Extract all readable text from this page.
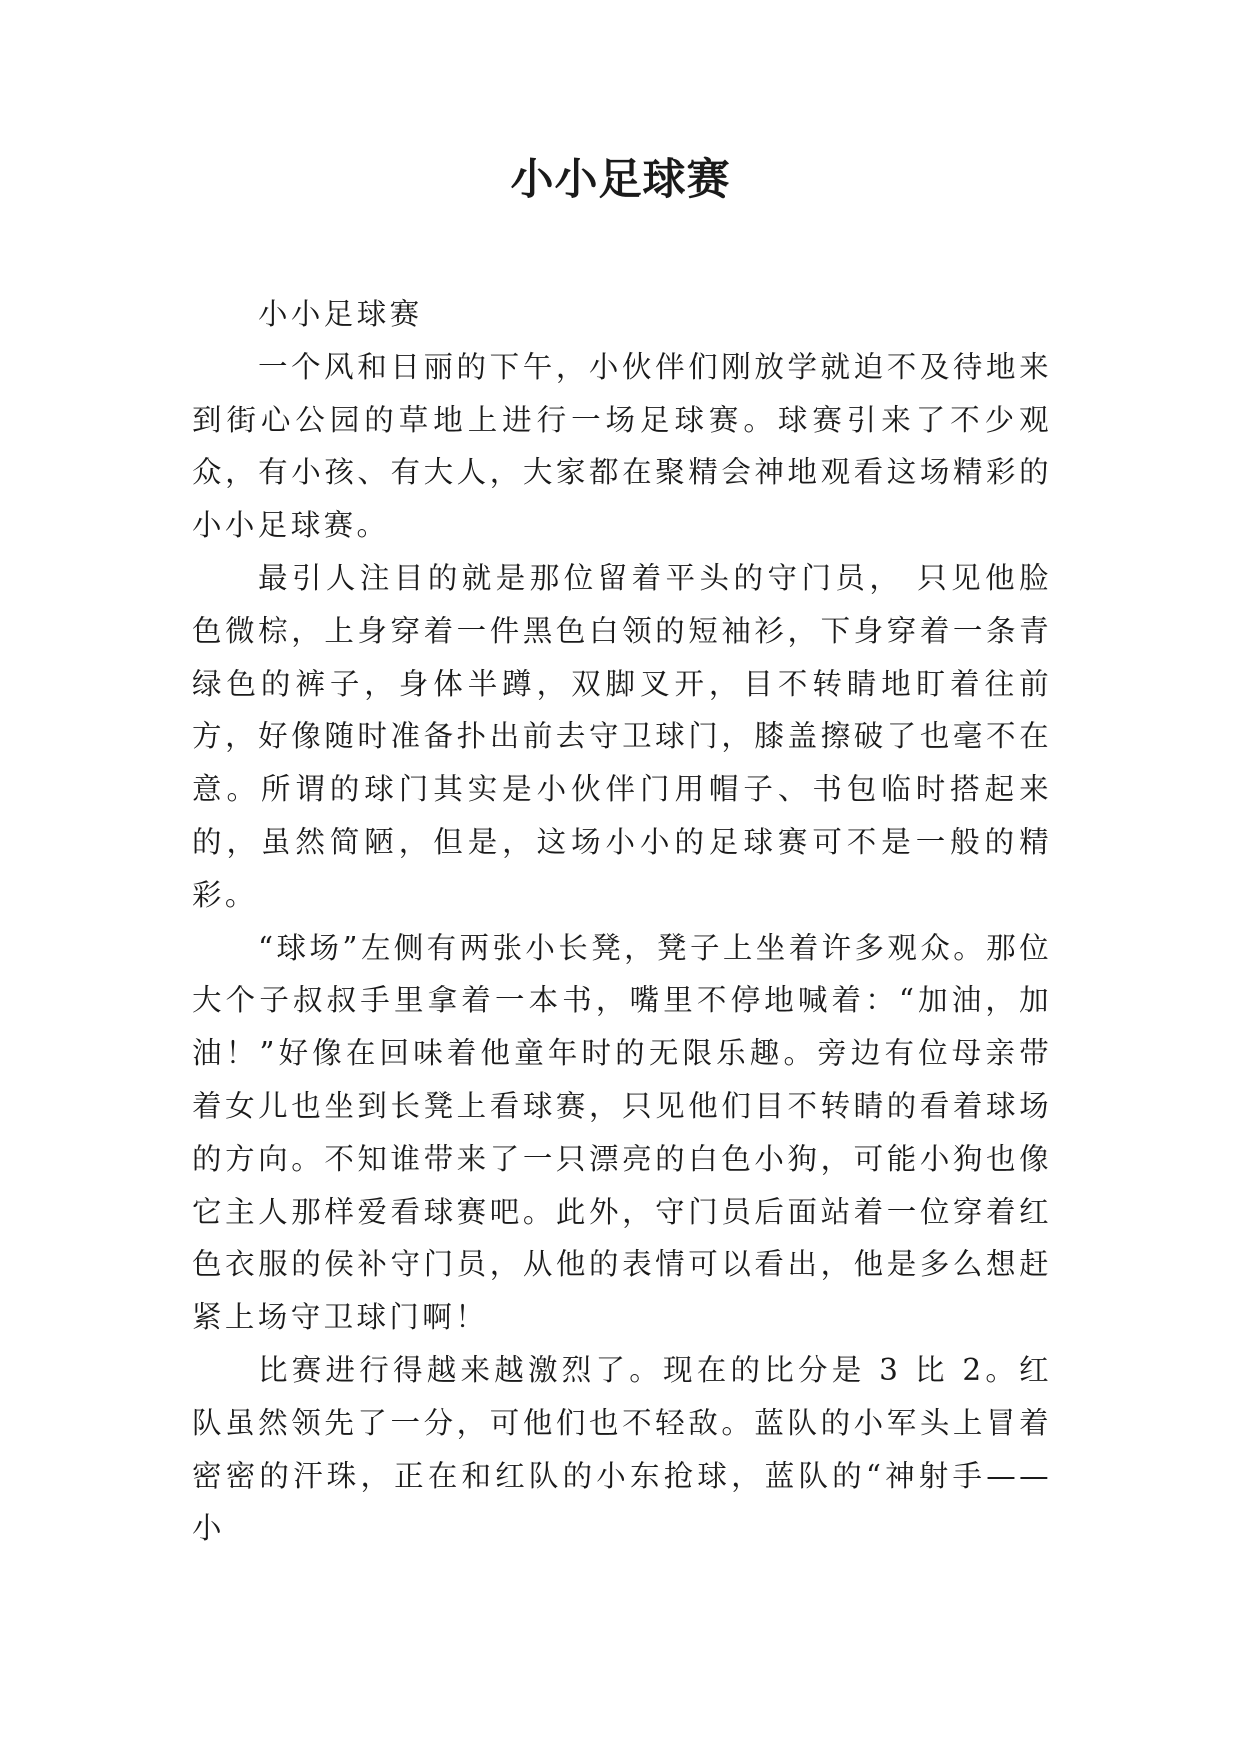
小小足球赛

小小足球赛

一个风和日丽的下午，小伙伴们刚放学就迫不及待地来到街心公园的草地上进行一场足球赛。球赛引来了不少观众，有小孩、有大人，大家都在聚精会神地观看这场精彩的小小足球赛。

最引人注目的就是那位留着平头的守门员， 只见他脸色微棕，上身穿着一件黑色白领的短袖衫，下身穿着一条青绿色的裤子，身体半蹲，双脚叉开，目不转睛地盯着往前方，好像随时准备扑出前去守卫球门，膝盖擦破了也毫不在意。所谓的球门其实是小伙伴门用帽子、书包临时搭起来的，虽然简陋，但是，这场小小的足球赛可不是一般的精彩。

“球场”左侧有两张小长凳，凳子上坐着许多观众。那位大个子叔叔手里拿着一本书，嘴里不停地喊着：“加油，加油！”好像在回味着他童年时的无限乐趣。旁边有位母亲带着女儿也坐到长凳上看球赛，只见他们目不转睛的看着球场的方向。不知谁带来了一只漂亮的白色小狗，可能小狗也像它主人那样爱看球赛吧。此外，守门员后面站着一位穿着红色衣服的侯补守门员，从他的表情可以看出，他是多么想赶紧上场守卫球门啊！

比赛进行得越来越激烈了。现在的比分是 3 比 2。红队虽然领先了一分，可他们也不轻敌。蓝队的小军头上冒着密密的汗珠，正在和红队的小东抢球，蓝队的“神射手——小
